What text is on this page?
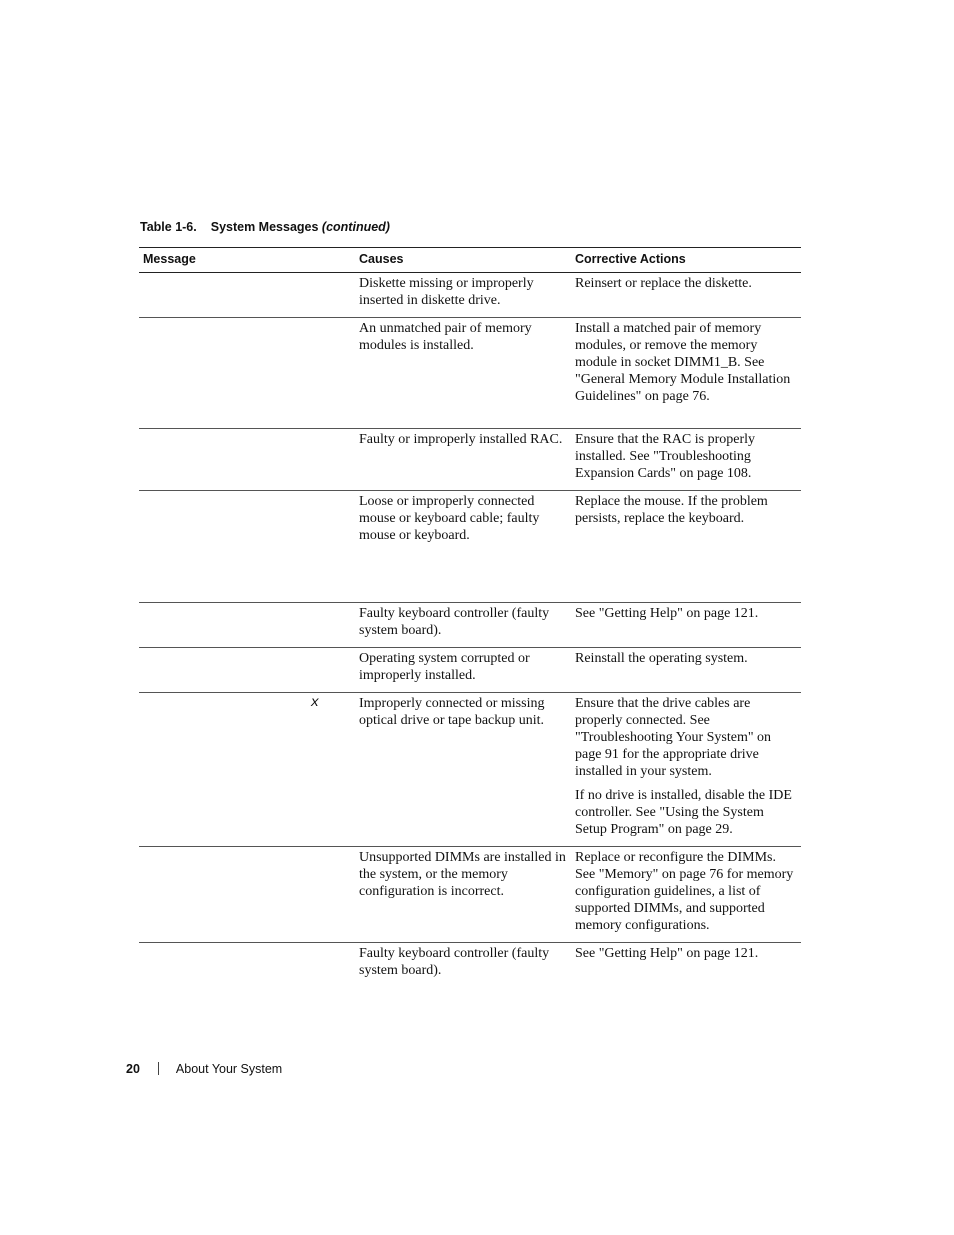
Table 1-6. System Messages (continued)
Message	Causes	Corrective Actions
	Diskette missing or improperly inserted in diskette drive.	Reinsert or replace the diskette.

	An unmatched pair of memory modules is installed.	Install a matched pair of memory modules, or remove the memory module in socket DIMM1_B. See "General Memory Module Installation Guidelines" on page 76.

	Faulty or improperly installed RAC.	Ensure that the RAC is properly installed. See "Troubleshooting Expansion Cards" on page 108.

	Loose or improperly connected mouse or keyboard cable; faulty mouse or keyboard.	Replace the mouse. If the problem persists, replace the keyboard.

	Faulty keyboard controller (faulty system board).	See "Getting Help" on page 121.

	Operating system corrupted or improperly installed.	Reinstall the operating system.

x	Improperly connected or missing optical drive or tape backup unit.	Ensure that the drive cables are properly connected. See "Troubleshooting Your System" on page 91 for the appropriate drive installed in your system.
If no drive is installed, disable the IDE controller. See "Using the System Setup Program" on page 29.

	Unsupported DIMMs are installed in the system, or the memory configuration is incorrect.	Replace or reconfigure the DIMMs. See "Memory" on page 76 for memory configuration guidelines, a list of supported DIMMs, and supported memory configurations.

	Faulty keyboard controller (faulty system board).	See "Getting Help" on page 121.
20	About Your System
